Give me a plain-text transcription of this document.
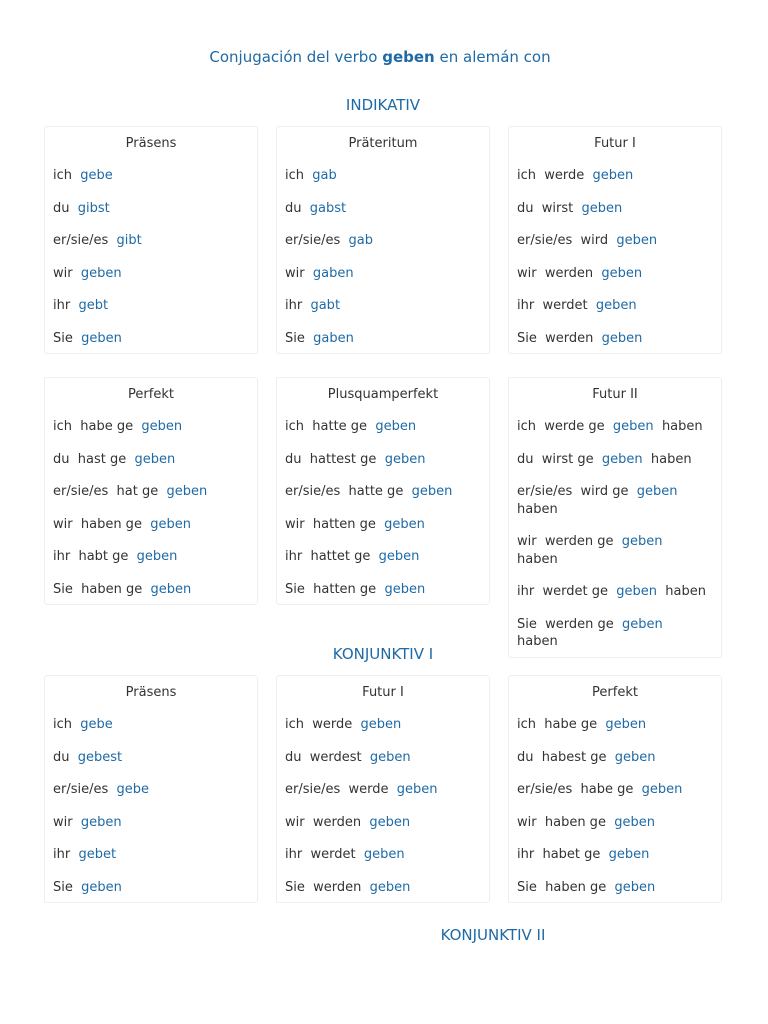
Conjugación del verbo geben en alemán con
INDIKATIV
Präsens
ich gebe
du gibst
er/sie/es gibt
wir geben
ihr gebt
Sie geben
Präteritum
ich gab
du gabst
er/sie/es gab
wir gaben
ihr gabt
Sie gaben
Futur I
ich werde geben
du wirst geben
er/sie/es wird geben
wir werden geben
ihr werdet geben
Sie werden geben
Perfekt
ich habe ge geben
du hast ge geben
er/sie/es hat ge geben
wir haben ge geben
ihr habt ge geben
Sie haben ge geben
Plusquamperfekt
ich hatte ge geben
du hattest ge geben
er/sie/es hatte ge geben
wir hatten ge geben
ihr hattet ge geben
Sie hatten ge geben
Futur II
ich werde ge geben haben
du wirst ge geben haben
er/sie/es wird ge geben  haben
wir werden ge geben  haben
ihr werdet ge geben haben
Sie werden ge geben  haben
KONJUNKTIV I
Präsens
ich gebe
du gebest
er/sie/es gebe
wir geben
ihr gebet
Sie geben
Futur I
ich werde geben
du werdest geben
er/sie/es werde geben
wir werden geben
ihr werdet geben
Sie werden geben
Perfekt
ich habe ge geben
du habest ge geben
er/sie/es habe ge geben
wir haben ge geben
ihr habet ge geben
Sie haben ge geben
KONJUNKTIV II
